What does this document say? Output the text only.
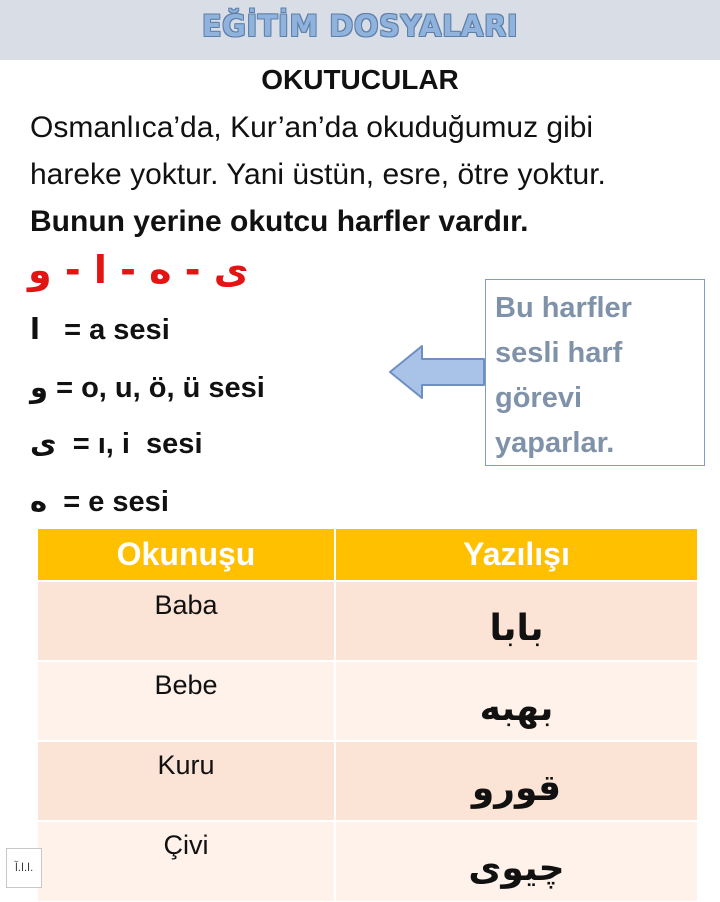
EĞİTİM DOSYALARI
OKUTUCULAR

Osmanlıca’da, Kur’an’da okuduğumuz gibi

hareke yoktur. Yani üstün, esre, ötre yoktur.

Bunun yerine okutcu harfler vardır.

ی - ه - ا - و
ا = a sesi
و = o, u, ö, ü sesi
ی = ı, i  sesi
ه = e sesi
Bu harfler
sesli harf
görevi
yaparlar.
Okunuşu	Yazılışı
Baba	بابا
Bebe	بهبه
Kuru	قورو
Çivi	چیوی
ا.ا.آ.
